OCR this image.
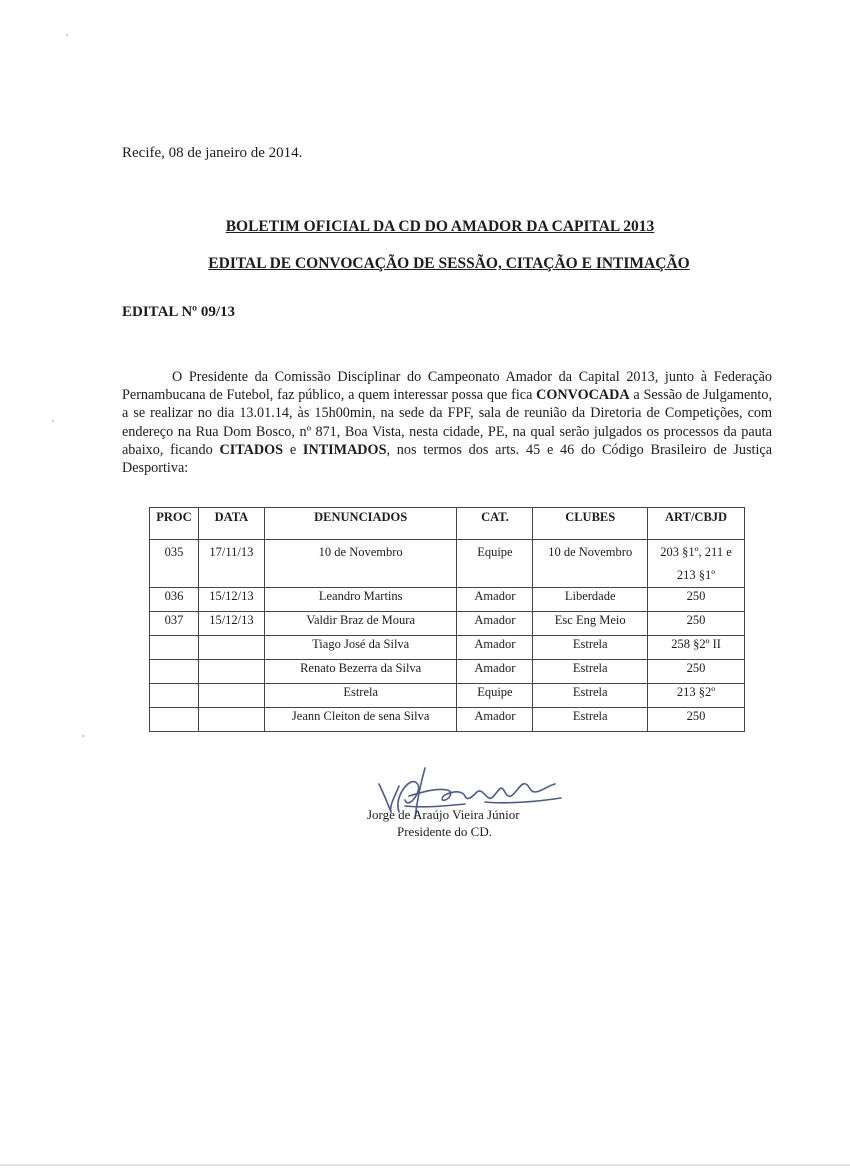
Recife, 08 de janeiro de 2014.
BOLETIM OFICIAL DA CD DO AMADOR DA CAPITAL 2013
EDITAL DE CONVOCAÇÃO DE SESSÃO, CITAÇÃO E INTIMAÇÃO
EDITAL Nº 09/13
O Presidente da Comissão Disciplinar do Campeonato Amador da Capital 2013, junto à Federação Pernambucana de Futebol, faz público, a quem interessar possa que fica CONVOCADA a Sessão de Julgamento, a se realizar no dia 13.01.14, às 15h00min, na sede da FPF, sala de reunião da Diretoria de Competições, com endereço na Rua Dom Bosco, nº 871, Boa Vista, nesta cidade, PE, na qual serão julgados os processos da pauta abaixo, ficando CITADOS e INTIMADOS, nos termos dos arts. 45 e 46 do Código Brasileiro de Justiça Desportiva:
PROC	DATA	DENUNCIADOS	CAT.	CLUBES	ART/CBJD
035	17/11/13	10 de Novembro	Equipe	10 de Novembro	203 §1º, 211 e
213 §1º
036	15/12/13	Leandro Martins	Amador	Liberdade	250
037	15/12/13	Valdir Braz de Moura	Amador	Esc Eng Meio	250
		Tiago José da Silva	Amador	Estrela	258 §2º II
		Renato Bezerra da Silva	Amador	Estrela	250
		Estrela	Equipe	Estrela	213 §2º
		Jeann Cleiton de sena Silva	Amador	Estrela	250
Jorge de Araújo Vieira Júnior
Presidente do CD.
